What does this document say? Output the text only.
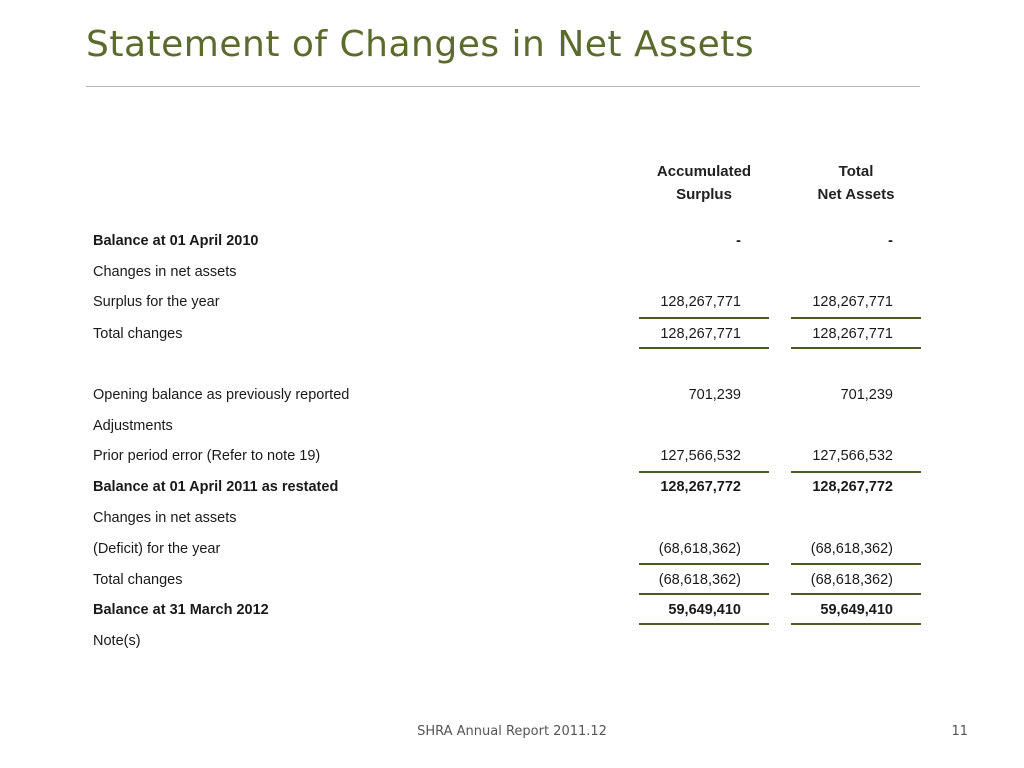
Statement of Changes in Net Assets
Accumulated
Surplus
Total
Net Assets
Balance at 01 April 2010	-	-
Changes in net assets
Surplus for the year	128,267,771	128,267,771
Total changes	128,267,771	128,267,771
Opening balance as previously reported	701,239	701,239
Adjustments
Prior period error (Refer to note 19)	127,566,532	127,566,532
Balance at 01 April 2011 as restated	128,267,772	128,267,772
Changes in net assets
(Deficit) for the year	(68,618,362)	(68,618,362)
Total changes	(68,618,362)	(68,618,362)
Balance at 31 March 2012	59,649,410	59,649,410
Note(s)
SHRA Annual Report 2011.12	11
